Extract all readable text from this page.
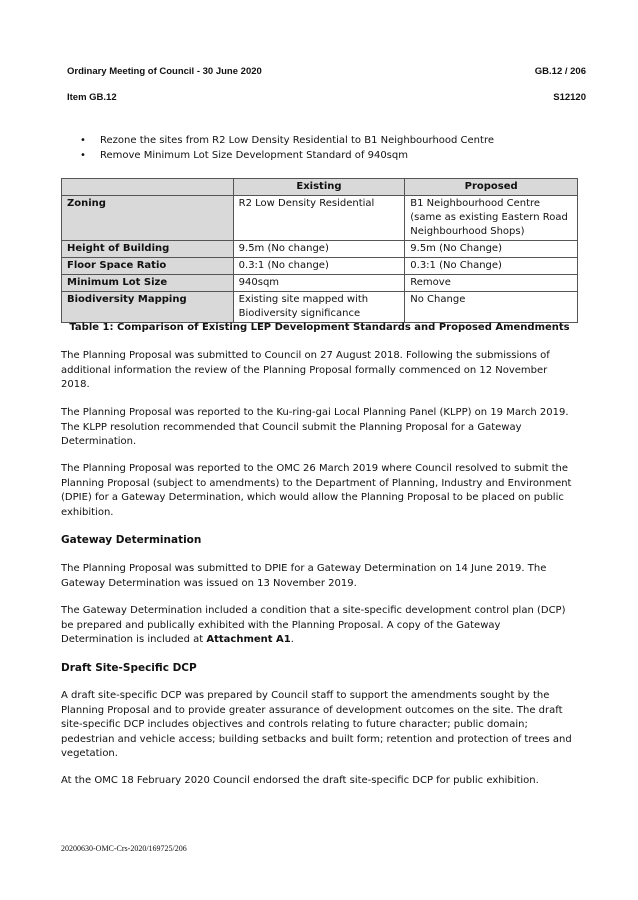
Ordinary Meeting of Council - 30 June 2020	GB.12 / 206
Item GB.12	S12120
• Rezone the sites from R2 Low Density Residential to B1 Neighbourhood Centre
• Remove Minimum Lot Size Development Standard of 940sqm
	Existing	Proposed
Zoning	R2 Low Density Residential	B1 Neighbourhood Centre (same as existing Eastern Road Neighbourhood Shops)
Height of Building	9.5m (No change)	9.5m (No Change)
Floor Space Ratio	0.3:1 (No change)	0.3:1 (No Change)
Minimum Lot Size	940sqm	Remove
Biodiversity Mapping	Existing site mapped with Biodiversity significance	No Change
Table 1: Comparison of Existing LEP Development Standards and Proposed Amendments
The Planning Proposal was submitted to Council on 27 August 2018. Following the submissions of additional information the review of the Planning Proposal formally commenced on 12 November 2018.
The Planning Proposal was reported to the Ku-ring-gai Local Planning Panel (KLPP) on 19 March 2019. The KLPP resolution recommended that Council submit the Planning Proposal for a Gateway Determination.
The Planning Proposal was reported to the OMC 26 March 2019 where Council resolved to submit the Planning Proposal (subject to amendments) to the Department of Planning, Industry and Environment (DPIE) for a Gateway Determination, which would allow the Planning Proposal to be placed on public exhibition.
Gateway Determination
The Planning Proposal was submitted to DPIE for a Gateway Determination on 14 June 2019. The Gateway Determination was issued on 13 November 2019.
The Gateway Determination included a condition that a site-specific development control plan (DCP) be prepared and publically exhibited with the Planning Proposal. A copy of the Gateway Determination is included at Attachment A1.
Draft Site-Specific DCP
A draft site-specific DCP was prepared by Council staff to support the amendments sought by the Planning Proposal and to provide greater assurance of development outcomes on the site. The draft site-specific DCP includes objectives and controls relating to future character; public domain; pedestrian and vehicle access; building setbacks and built form; retention and protection of trees and vegetation.
At the OMC 18 February 2020 Council endorsed the draft site-specific DCP for public exhibition.
20200630-OMC-Crs-2020/169725/206
